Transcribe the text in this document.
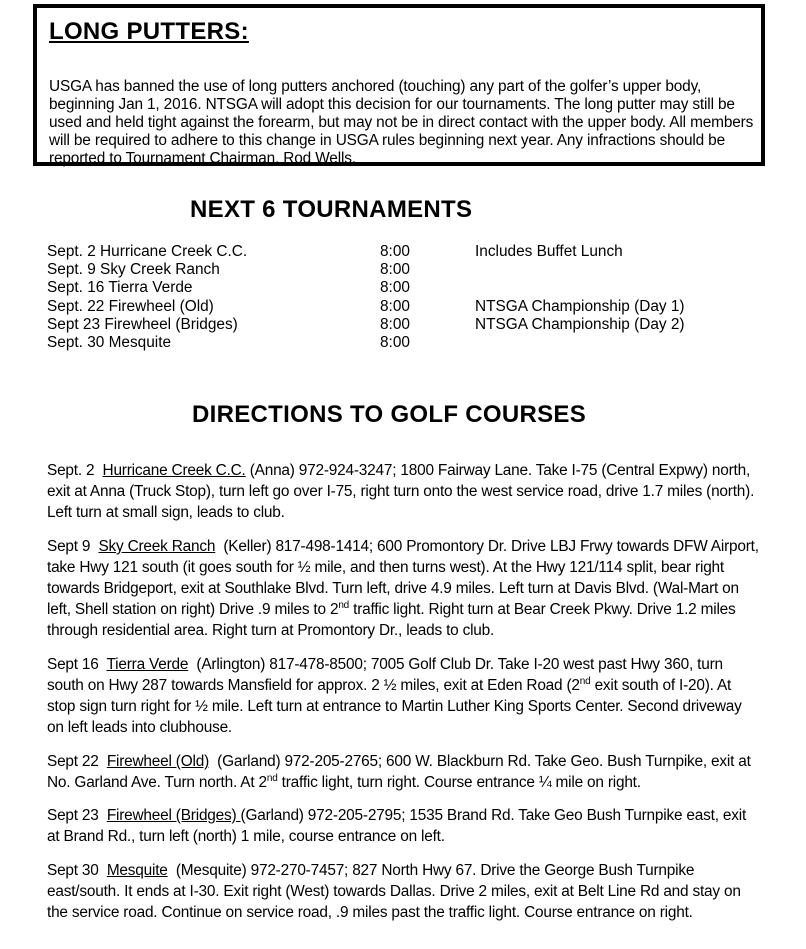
LONG PUTTERS:

USGA has banned the use of long putters anchored (touching) any part of the golfer’s upper body, beginning Jan 1, 2016. NTSGA will adopt this decision for our tournaments. The long putter may still be used and held tight against the forearm, but may not be in direct contact with the upper body. All members will be required to adhere to this change in USGA rules beginning next year. Any infractions should be reported to Tournament Chairman, Rod Wells.

NEXT 6 TOURNAMENTS
Sept. 2 Hurricane Creek C.C.	8:00	Includes Buffet Lunch
Sept. 9 Sky Creek Ranch	8:00
Sept. 16 Tierra Verde	8:00
Sept. 22 Firewheel (Old)	8:00	NTSGA Championship (Day 1)
Sept 23 Firewheel (Bridges)	8:00	NTSGA Championship (Day 2)
Sept. 30 Mesquite	8:00
DIRECTIONS TO GOLF COURSES

Sept. 2 Hurricane Creek C.C. (Anna) 972-924-3247; 1800 Fairway Lane. Take I-75 (Central Expwy) north, exit at Anna (Truck Stop), turn left go over I-75, right turn onto the west service road, drive 1.7 miles (north). Left turn at small sign, leads to club.

Sept 9 Sky Creek Ranch (Keller) 817-498-1414; 600 Promontory Dr. Drive LBJ Frwy towards DFW Airport, take Hwy 121 south (it goes south for ½ mile, and then turns west). At the Hwy 121/114 split, bear right towards Bridgeport, exit at Southlake Blvd. Turn left, drive 4.9 miles. Left turn at Davis Blvd. (Wal-Mart on left, Shell station on right) Drive .9 miles to 2nd traffic light. Right turn at Bear Creek Pkwy. Drive 1.2 miles through residential area. Right turn at Promontory Dr., leads to club.

Sept 16 Tierra Verde (Arlington) 817-478-8500; 7005 Golf Club Dr. Take I-20 west past Hwy 360, turn south on Hwy 287 towards Mansfield for approx. 2 ½ miles, exit at Eden Road (2nd exit south of I-20). At stop sign turn right for ½ mile. Left turn at entrance to Martin Luther King Sports Center. Second driveway on left leads into clubhouse.

Sept 22 Firewheel (Old) (Garland) 972-205-2765; 600 W. Blackburn Rd. Take Geo. Bush Turnpike, exit at No. Garland Ave. Turn north. At 2nd traffic light, turn right. Course entrance ¼ mile on right.

Sept 23 Firewheel (Bridges) (Garland) 972-205-2795; 1535 Brand Rd. Take Geo Bush Turnpike east, exit at Brand Rd., turn left (north) 1 mile, course entrance on left.

Sept 30 Mesquite (Mesquite) 972-270-7457; 827 North Hwy 67. Drive the George Bush Turnpike east/south. It ends at I-30. Exit right (West) towards Dallas. Drive 2 miles, exit at Belt Line Rd and stay on the service road. Continue on service road, .9 miles past the traffic light. Course entrance on right.
